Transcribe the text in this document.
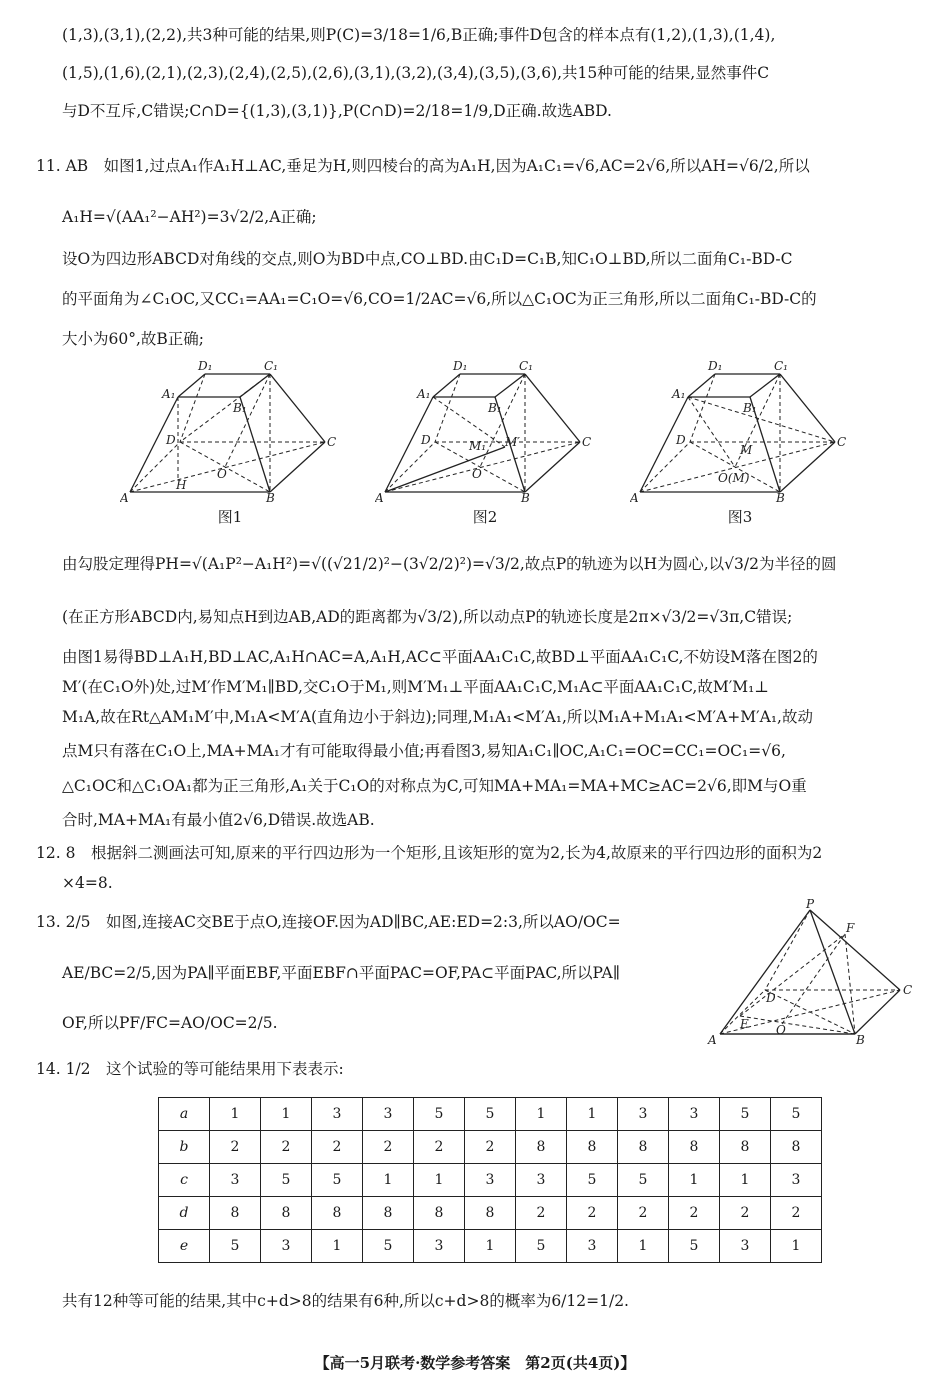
(1,3),(3,1),(2,2),共3种可能的结果,则P(C)=3/18=1/6,B正确;事件D包含的样本点有(1,2),(1,3),(1,4),
(1,5),(1,6),(2,1),(2,3),(2,4),(2,5),(2,6),(3,1),(3,2),(3,4),(3,5),(3,6),共15种可能的结果,显然事件C
与D不互斥,C错误;C∩D={(1,3),(3,1)},P(C∩D)=2/18=1/9,D正确.故选ABD.
11. AB　如图1,过点A₁作A₁H⊥AC,垂足为H,则四棱台的高为A₁H,因为A₁C₁=√6,AC=2√6,所以AH=√6/2,所以
A₁H=√(AA₁²−AH²)=3√2/2,A正确;
设O为四边形ABCD对角线的交点,则O为BD中点,CO⊥BD.由C₁D=C₁B,知C₁O⊥BD,所以二面角C₁-BD-C
的平面角为∠C₁OC,又CC₁=AA₁=C₁O=√6,CO=1/2AC=√6,所以△C₁OC为正三角形,所以二面角C₁-BD-C的
大小为60°,故B正确;
A	B
C
D
A₁
B₁
C₁
D₁
H
O
图1
A	B
C
D
A₁
B₁
C₁
D₁
O
M₁ M′
图2
A	B
C
D
A₁
B₁
C₁
D₁
M
O(M)
图3
由勾股定理得PH=√(A₁P²−A₁H²)=√((√21/2)²−(3√2/2)²)=√3/2,故点P的轨迹为以H为圆心,以√3/2为半径的圆
(在正方形ABCD内,易知点H到边AB,AD的距离都为√3/2),所以动点P的轨迹长度是2π×√3/2=√3π,C错误;
由图1易得BD⊥A₁H,BD⊥AC,A₁H∩AC=A,A₁H,AC⊂平面AA₁C₁C,故BD⊥平面AA₁C₁C,不妨设M落在图2的
M′(在C₁O外)处,过M′作M′M₁∥BD,交C₁O于M₁,则M′M₁⊥平面AA₁C₁C,M₁A⊂平面AA₁C₁C,故M′M₁⊥
M₁A,故在Rt△AM₁M′中,M₁A<M′A(直角边小于斜边);同理,M₁A₁<M′A₁,所以M₁A+M₁A₁<M′A+M′A₁,故动
点M只有落在C₁O上,MA+MA₁才有可能取得最小值;再看图3,易知A₁C₁∥OC,A₁C₁=OC=CC₁=OC₁=√6,
△C₁OC和△C₁OA₁都为正三角形,A₁关于C₁O的对称点为C,可知MA+MA₁=MA+MC≥AC=2√6,即M与O重
合时,MA+MA₁有最小值2√6,D错误.故选AB.
12. 8　根据斜二测画法可知,原来的平行四边形为一个矩形,且该矩形的宽为2,长为4,故原来的平行四边形的面积为2
×4=8.
13. 2/5　如图,连接AC交BE于点O,连接OF.因为AD∥BC,AE:ED=2:3,所以AO/OC=
AE/BC=2/5,因为PA∥平面EBF,平面EBF∩平面PAC=OF,PA⊂平面PAC,所以PA∥
OF,所以PF/FC=AO/OC=2/5.
P
F
C
D
E O
A	B
14. 1/2　这个试验的等可能结果用下表表示:
a	1	1	3	3	5	5	1	1	3	3	5	5
b	2	2	2	2	2	2	8	8	8	8	8	8
c	3	5	5	1	1	3	3	5	5	1	1	3
d	8	8	8	8	8	8	2	2	2	2	2	2
e	5	3	1	5	3	1	5	3	1	5	3	1
共有12种等可能的结果,其中c+d>8的结果有6种,所以c+d>8的概率为6/12=1/2.
【高一5月联考·数学参考答案　第2页(共4页)】
